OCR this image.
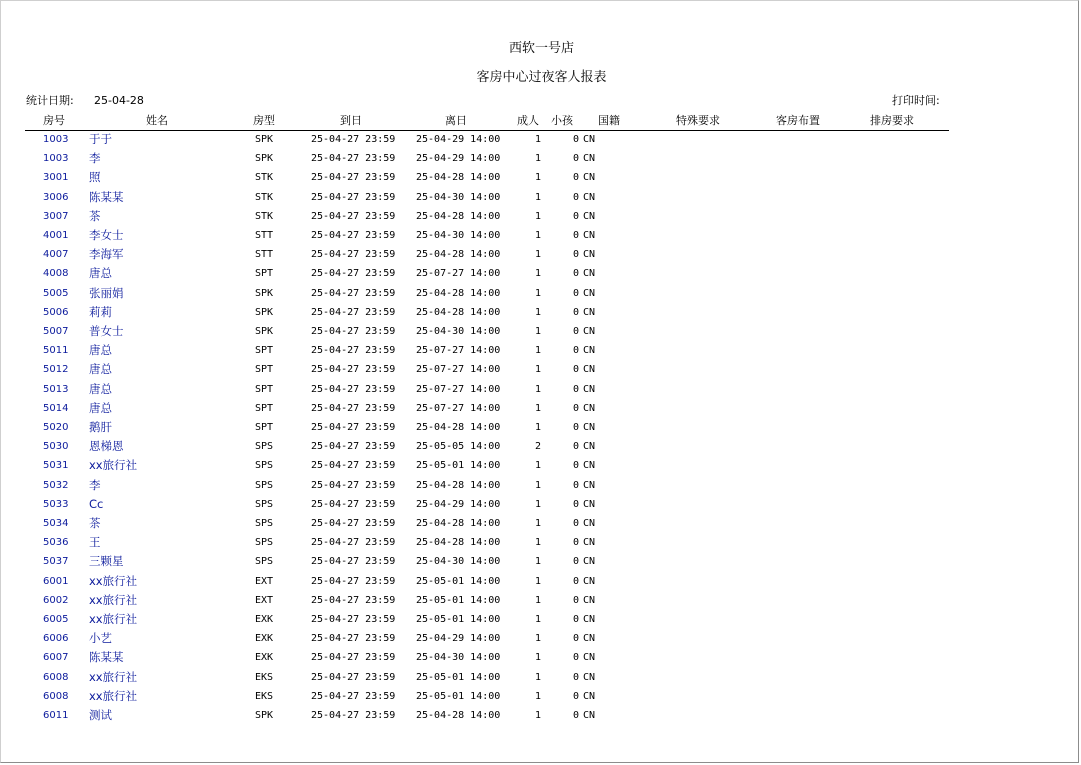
西软一号店
客房中心过夜客人报表
统计日期: 25-04-28	打印时间:
房号	姓名	房型	到日	离日	成人 小孩 国籍	特殊要求	客房布置	排房要求
1003 于于	SPK	25-04-27 23:59 25-04-29 14:00	1	0 CN
1003 李	SPK	25-04-27 23:59 25-04-29 14:00	1	0 CN
3001 照	STK	25-04-27 23:59 25-04-28 14:00	1	0 CN
3006 陈某某	STK	25-04-27 23:59 25-04-30 14:00	1	0 CN
3007 茶	STK	25-04-27 23:59 25-04-28 14:00	1	0 CN
4001 李女士	STT	25-04-27 23:59 25-04-30 14:00	1	0 CN
4007 李海军	STT	25-04-27 23:59 25-04-28 14:00	1	0 CN
4008 唐总	SPT	25-04-27 23:59 25-07-27 14:00	1	0 CN
5005 张丽娟	SPK	25-04-27 23:59 25-04-28 14:00	1	0 CN
5006 莉莉	SPK	25-04-27 23:59 25-04-28 14:00	1	0 CN
5007 普女士	SPK	25-04-27 23:59 25-04-30 14:00	1	0 CN
5011 唐总	SPT	25-04-27 23:59 25-07-27 14:00	1	0 CN
5012 唐总	SPT	25-04-27 23:59 25-07-27 14:00	1	0 CN
5013 唐总	SPT	25-04-27 23:59 25-07-27 14:00	1	0 CN
5014 唐总	SPT	25-04-27 23:59 25-07-27 14:00	1	0 CN
5020 鹅肝	SPT	25-04-27 23:59 25-04-28 14:00	1	0 CN
5030 恩梯恩	SPS	25-04-27 23:59 25-05-05 14:00	2	0 CN
5031 xx旅行社	SPS	25-04-27 23:59 25-05-01 14:00	1	0 CN
5032 李	SPS	25-04-27 23:59 25-04-28 14:00	1	0 CN
5033 Cc	SPS	25-04-27 23:59 25-04-29 14:00	1	0 CN
5034 茶	SPS	25-04-27 23:59 25-04-28 14:00	1	0 CN
5036 王	SPS	25-04-27 23:59 25-04-28 14:00	1	0 CN
5037 三颗星	SPS	25-04-27 23:59 25-04-30 14:00	1	0 CN
6001 xx旅行社	EXT	25-04-27 23:59 25-05-01 14:00	1	0 CN
6002 xx旅行社	EXT	25-04-27 23:59 25-05-01 14:00	1	0 CN
6005 xx旅行社	EXK	25-04-27 23:59 25-05-01 14:00	1	0 CN
6006 小艺	EXK	25-04-27 23:59 25-04-29 14:00	1	0 CN
6007 陈某某	EXK	25-04-27 23:59 25-04-30 14:00	1	0 CN
6008 xx旅行社	EKS	25-04-27 23:59 25-05-01 14:00	1	0 CN
6008 xx旅行社	EKS	25-04-27 23:59 25-05-01 14:00	1	0 CN
6011 测试	SPK	25-04-27 23:59 25-04-28 14:00	1	0 CN
